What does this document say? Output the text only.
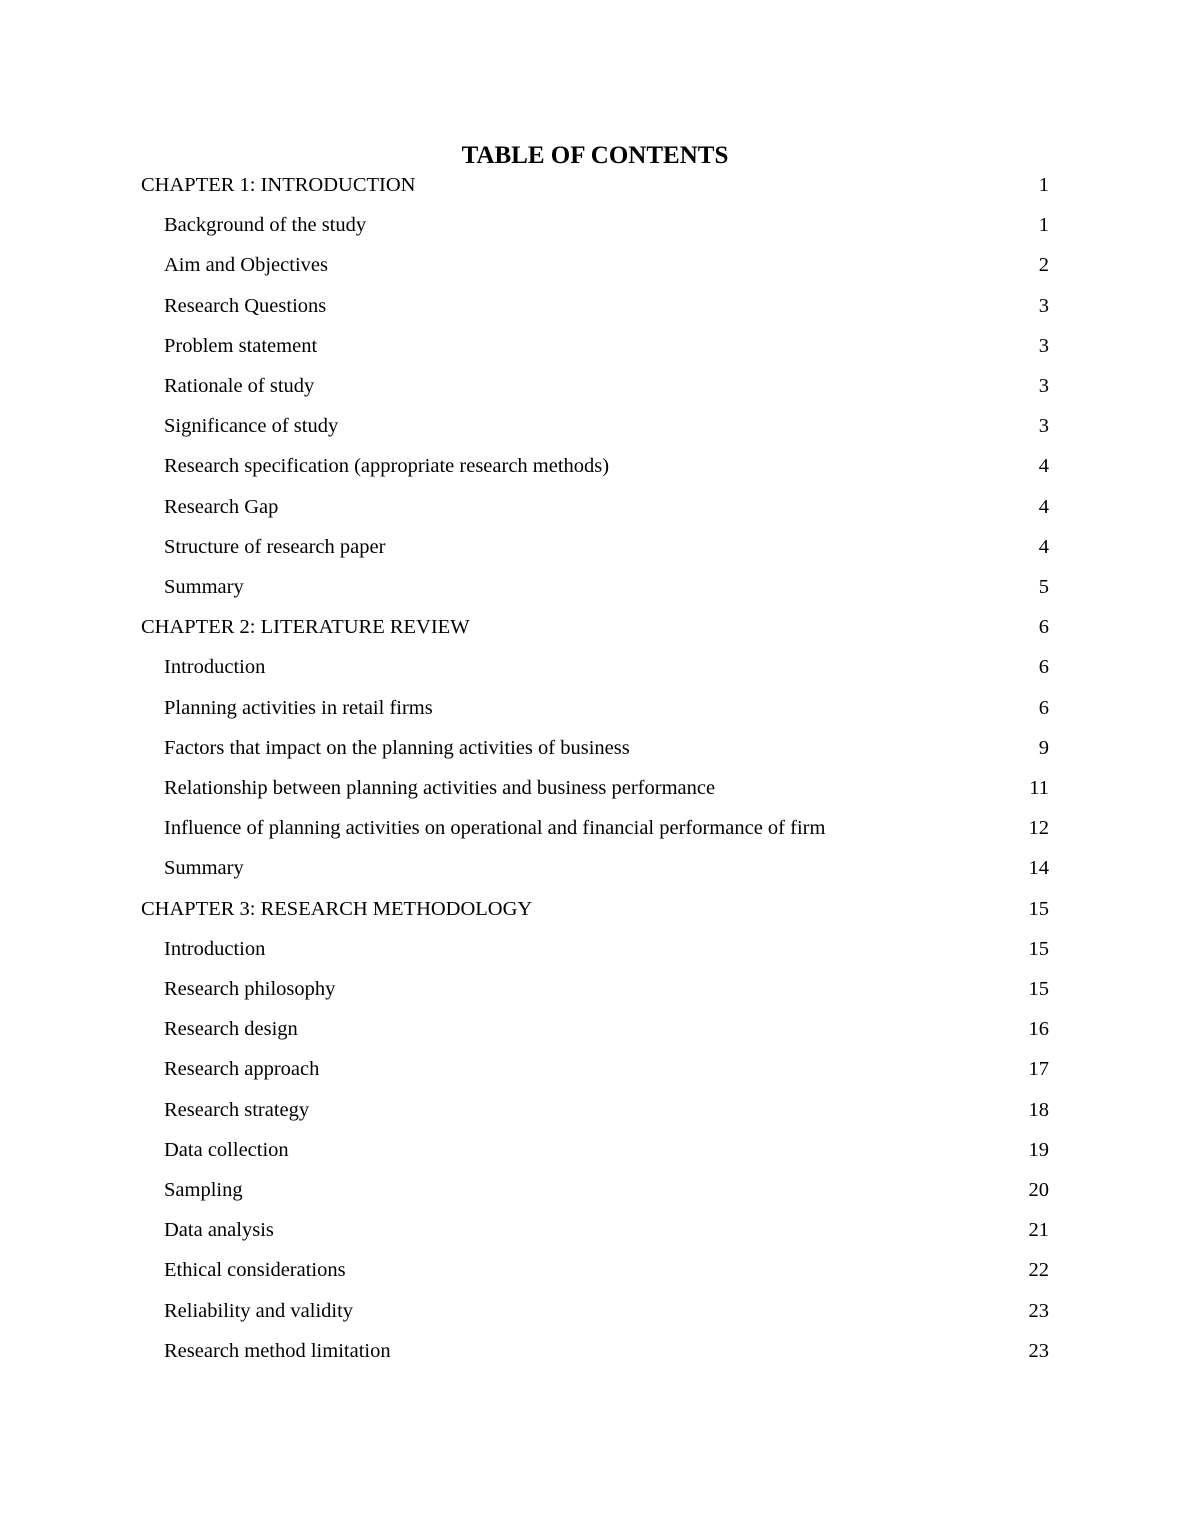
TABLE OF CONTENTS
CHAPTER 1: INTRODUCTION	1
Background of the study	1
Aim and Objectives	2
Research Questions	3
Problem statement	3
Rationale of study	3
Significance of study	3
Research specification (appropriate research methods)	4
Research Gap	4
Structure of research paper	4
Summary	5
CHAPTER 2: LITERATURE REVIEW	6
Introduction	6
Planning activities in retail firms	6
Factors that impact on the planning activities of business	9
Relationship between planning activities and business performance	11
Influence of planning activities on operational and financial performance of firm	12
Summary	14
CHAPTER 3: RESEARCH METHODOLOGY	15
Introduction	15
Research philosophy	15
Research design	16
Research approach	17
Research strategy	18
Data collection	19
Sampling	20
Data analysis	21
Ethical considerations	22
Reliability and validity	23
Research method limitation	23
